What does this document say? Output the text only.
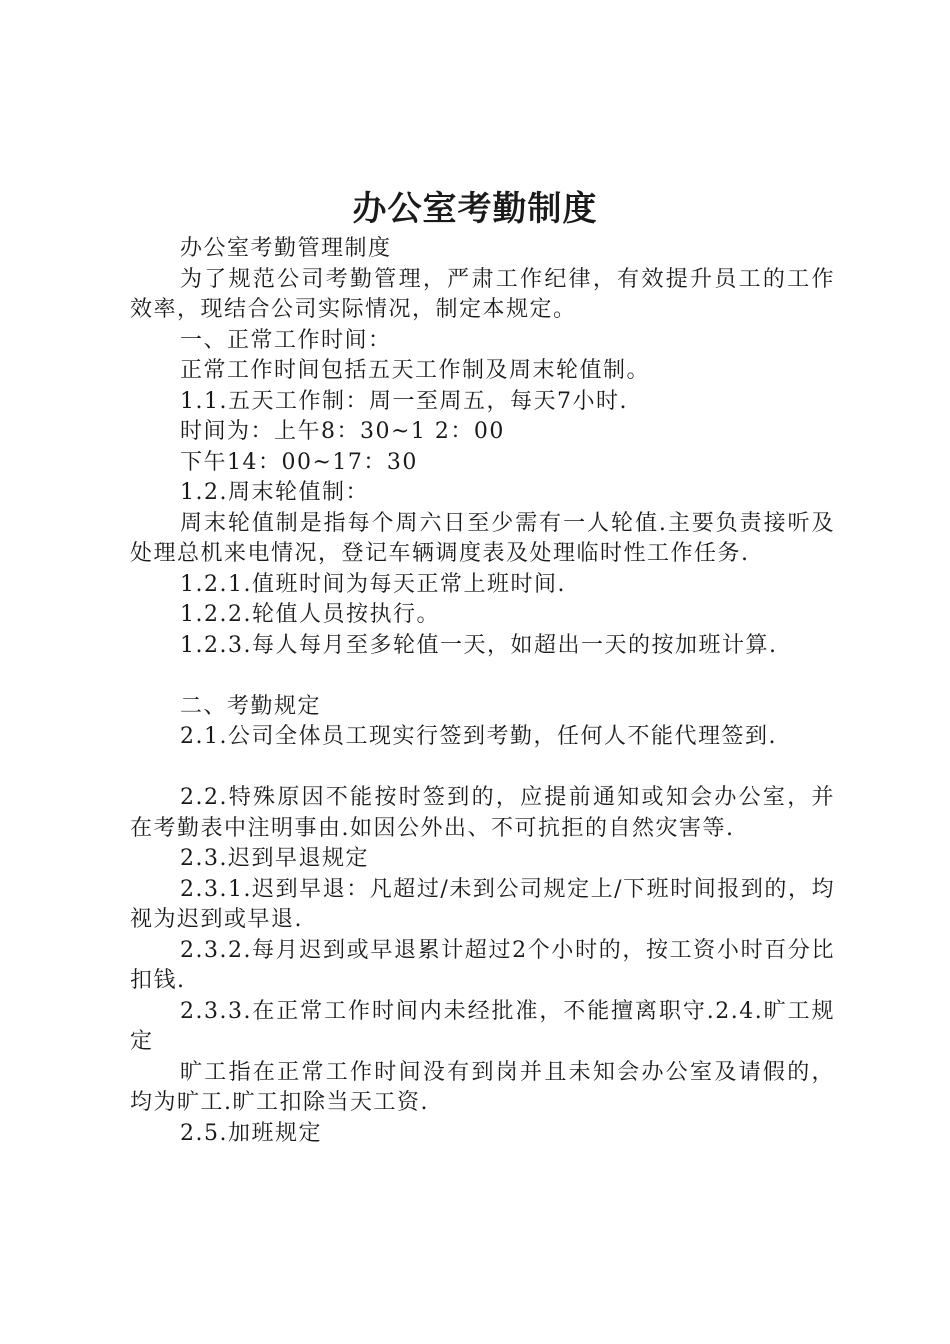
办公室考勤制度

办公室考勤管理制度

为了规范公司考勤管理，严肃工作纪律，有效提升员工的工作效率，现结合公司实际情况，制定本规定。

一、正常工作时间：

正常工作时间包括五天工作制及周末轮值制。

1.1.五天工作制：周一至周五，每天7小时.

时间为：上午8：30~1 2：00

下午14：00~17：30

1.2.周末轮值制：

周末轮值制是指每个周六日至少需有一人轮值.主要负责接听及处理总机来电情况，登记车辆调度表及处理临时性工作任务.

1.2.1.值班时间为每天正常上班时间.

1.2.2.轮值人员按执行。

1.2.3.每人每月至多轮值一天，如超出一天的按加班计算.

二、考勤规定

2.1.公司全体员工现实行签到考勤，任何人不能代理签到.

2.2.特殊原因不能按时签到的，应提前通知或知会办公室，并在考勤表中注明事由.如因公外出、不可抗拒的自然灾害等.

2.3.迟到早退规定

2.3.1.迟到早退：凡超过/未到公司规定上/下班时间报到的，均视为迟到或早退.

2.3.2.每月迟到或早退累计超过2个小时的，按工资小时百分比扣钱.

2.3.3.在正常工作时间内未经批准，不能擅离职守.2.4.旷工规定

旷工指在正常工作时间没有到岗并且未知会办公室及请假的，均为旷工.旷工扣除当天工资.

2.5.加班规定
